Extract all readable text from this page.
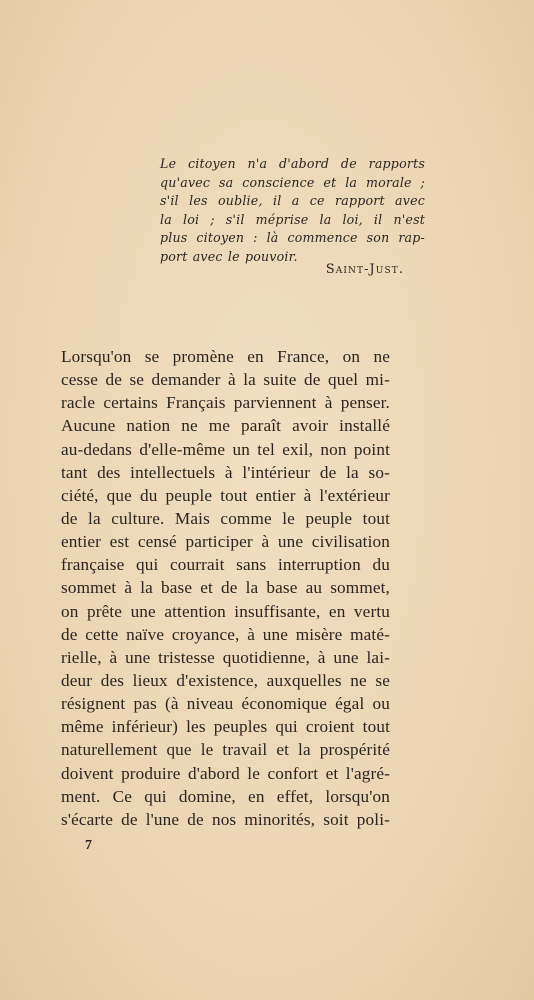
Le citoyen n'a d'abord de rapports
qu'avec sa conscience et la morale ;
s'il les oublie, il a ce rapport avec
la loi ; s'il méprise la loi, il n'est
plus citoyen : là commence son rap-
port avec le pouvoir.
Saint-Just.
Lorsqu'on se promène en France, on ne
cesse de se demander à la suite de quel mi-
racle certains Français parviennent à penser.
Aucune nation ne me paraît avoir installé
au-dedans d'elle-même un tel exil, non point
tant des intellectuels à l'intérieur de la so-
ciété, que du peuple tout entier à l'extérieur
de la culture. Mais comme le peuple tout
entier est censé participer à une civilisation
française qui courrait sans interruption du
sommet à la base et de la base au sommet,
on prête une attention insuffisante, en vertu
de cette naïve croyance, à une misère maté-
rielle, à une tristesse quotidienne, à une lai-
deur des lieux d'existence, auxquelles ne se
résignent pas (à niveau économique égal ou
même inférieur) les peuples qui croient tout
naturellement que le travail et la prospérité
doivent produire d'abord le confort et l'agré-
ment. Ce qui domine, en effet, lorsqu'on
s'écarte de l'une de nos minorités, soit poli-
7
